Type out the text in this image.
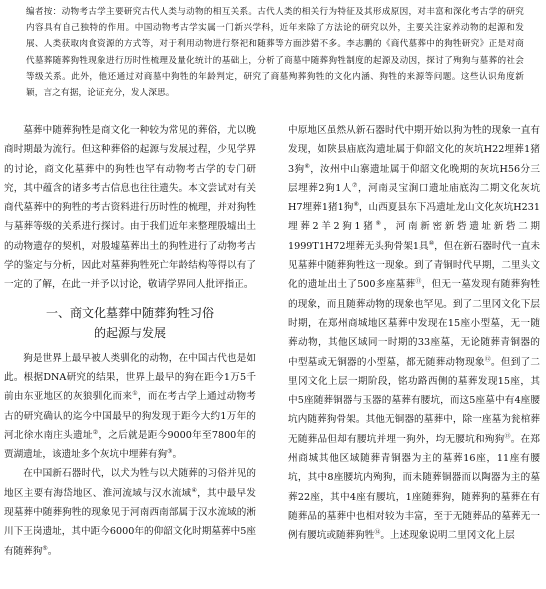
编者按：动物考古学主要研究古代人类与动物的相互关系。古代人类的相关行为特征及其形成原因，对丰富和深化考古学的研究内容具有自己独特的作用。中国动物考古学实属一门新兴学科，近年来除了方法论的研究以外，主要关注家养动物的起源和发展、人类获取肉食资源的方式等，对于利用动物进行祭祀和随葬等方面涉猎不多。李志鹏的《商代墓葬中的狗牲研究》正是对商代墓葬随葬狗牲现象进行历时性梳理及量化统计的基础上，分析了商墓中随葬狗牲制度的起源及动因，探讨了殉狗与墓葬的社会等级关系。此外，他还通过对商墓中狗牲的年龄判定，研究了商墓殉葬狗牲的文化内涵、狗牲的来源等问题。这些认识角度新颖，言之有据，论证充分，发人深思。

墓葬中随葬狗牲是商文化一种较为常见的葬俗，尤以晚商时期最为流行。但这种葬俗的起源与发展过程，少见学界的讨论，商文化墓葬中的狗牲也罕有动物考古学的专门研究，其中蕴含的诸多考古信息也往往遗失。本文尝试对有关商代墓葬中的狗牲的考古资料进行历时性的梳理，并对狗牲与墓葬等级的关系进行探讨。由于我们近年来整理殷墟出土的动物遗存的契机，对殷墟墓葬出土的狗牲进行了动物考古学的鉴定与分析，因此对墓葬狗牲死亡年龄结构等得以有了一定的了解，在此一并予以讨论，敬请学界同人批评指正。

一、商文化墓葬中随葬狗牲习俗
的起源与发展

狗是世界上最早被人类驯化的动物，在中国古代也是如此。根据DNA研究的结果，世界上最早的狗在距今1万5千前由东亚地区的灰狼驯化而来①，而在考古学上通过动物考古的研究确认的迄今中国最早的狗发现于距今大约1万年的河北徐水南庄头遗址②，之后就是距今9000年至7800年的贾湖遗址，该遗址多个灰坑中埋葬有狗③。

在中国新石器时代，以犬为牲与以犬随葬的习俗并见的地区主要有海岱地区、淮河流域与汉水流域④，其中最早发现墓葬中随葬狗牲的现象见于河南西南部属于汉水流域的淅川下王岗遗址，其中距今6000年的仰韶文化时期墓葬中5座有随葬狗⑤。

中原地区虽然从新石器时代中期开始以狗为牲的现象一直有发现，如陕县庙底沟遗址属于仰韶文化的灰坑H22埋葬1猪3狗⑥，汝州中山寨遗址属于仰韶文化晚期的灰坑H56分三层埋葬2狗1人⑦，河南灵宝涧口遗址庙底沟二期文化灰坑H7埋葬1猪1狗⑧，山西夏县东下冯遗址龙山文化灰坑H231埋葬2羊2狗1猪⑨，河南新密新砦遗址新砦二期1999T1H72埋葬无头狗骨架1具⑩，但在新石器时代一直未见墓葬中随葬狗牲这一现象。到了青铜时代早期，二里头文化的遗址出土了500多座墓葬⑪，但无一墓发现有随葬狗牲的现象，而且随葬动物的现象也罕见。到了二里冈文化下层时期，在郑州商城地区墓葬中发现在15座小型墓，无一随葬动物，其他区域同一时期的33座墓，无论随葬青铜器的中型墓或无铜器的小型墓，都无随葬动物现象⑫。但到了二里冈文化上层一期阶段，铭功路西侧的墓葬发现15座，其中5座随葬铜器与玉器的墓葬有腰坑，而这5座墓中有4座腰坑内随葬狗骨架。其他无铜器的墓葬中，除一座墓为瓮棺葬无随葬品但却有腰坑并埋一狗外，均无腰坑和殉狗⑬。在郑州商城其他区域随葬青铜器为主的墓葬16座，11座有腰坑，其中8座腰坑内殉狗，而未随葬铜器而以陶器为主的墓葬22座，其中4座有腰坑，1座随葬狗，随葬狗的墓葬在有随葬品的墓葬中也相对较为丰富，至于无随葬品的墓葬无一例有腰坑或随葬狗牲⑭。上述现象说明二里冈文化上层
